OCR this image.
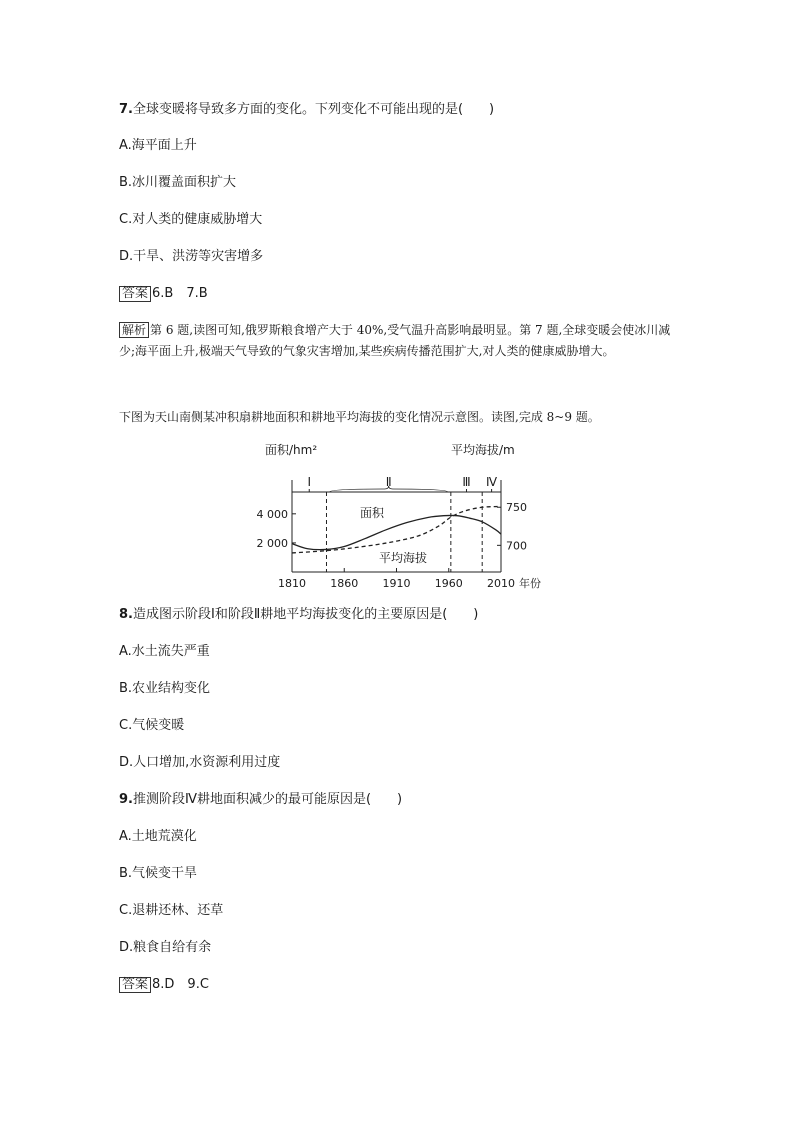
7.全球变暖将导致多方面的变化。下列变化不可能出现的是(　　)
A.海平面上升
B.冰川覆盖面积扩大
C.对人类的健康威胁增大
D.干旱、洪涝等灾害增多
答案 6.B　7.B
解析 第 6 题,读图可知,俄罗斯粮食增产大于 40%,受气温升高影响最明显。第 7 题,全球变暖会使冰川减少;海平面上升,极端天气导致的气象灾害增加,某些疾病传播范围扩大,对人类的健康威胁增大。
下图为天山南侧某冲积扇耕地面积和耕地平均海拔的变化情况示意图。读图,完成 8~9 题。
面积/hm²	平均海拔/m
1810 1860 1910 1960 2010 年份
4 000
2 000
750
700
Ⅰ	Ⅱ	Ⅲ Ⅳ
面积
平均海拔
8.造成图示阶段Ⅰ和阶段Ⅱ耕地平均海拔变化的主要原因是(　　)
A.水土流失严重
B.农业结构变化
C.气候变暖
D.人口增加,水资源利用过度
9.推测阶段Ⅳ耕地面积减少的最可能原因是(　　)
A.土地荒漠化
B.气候变干旱
C.退耕还林、还草
D.粮食自给有余
答案 8.D　9.C
